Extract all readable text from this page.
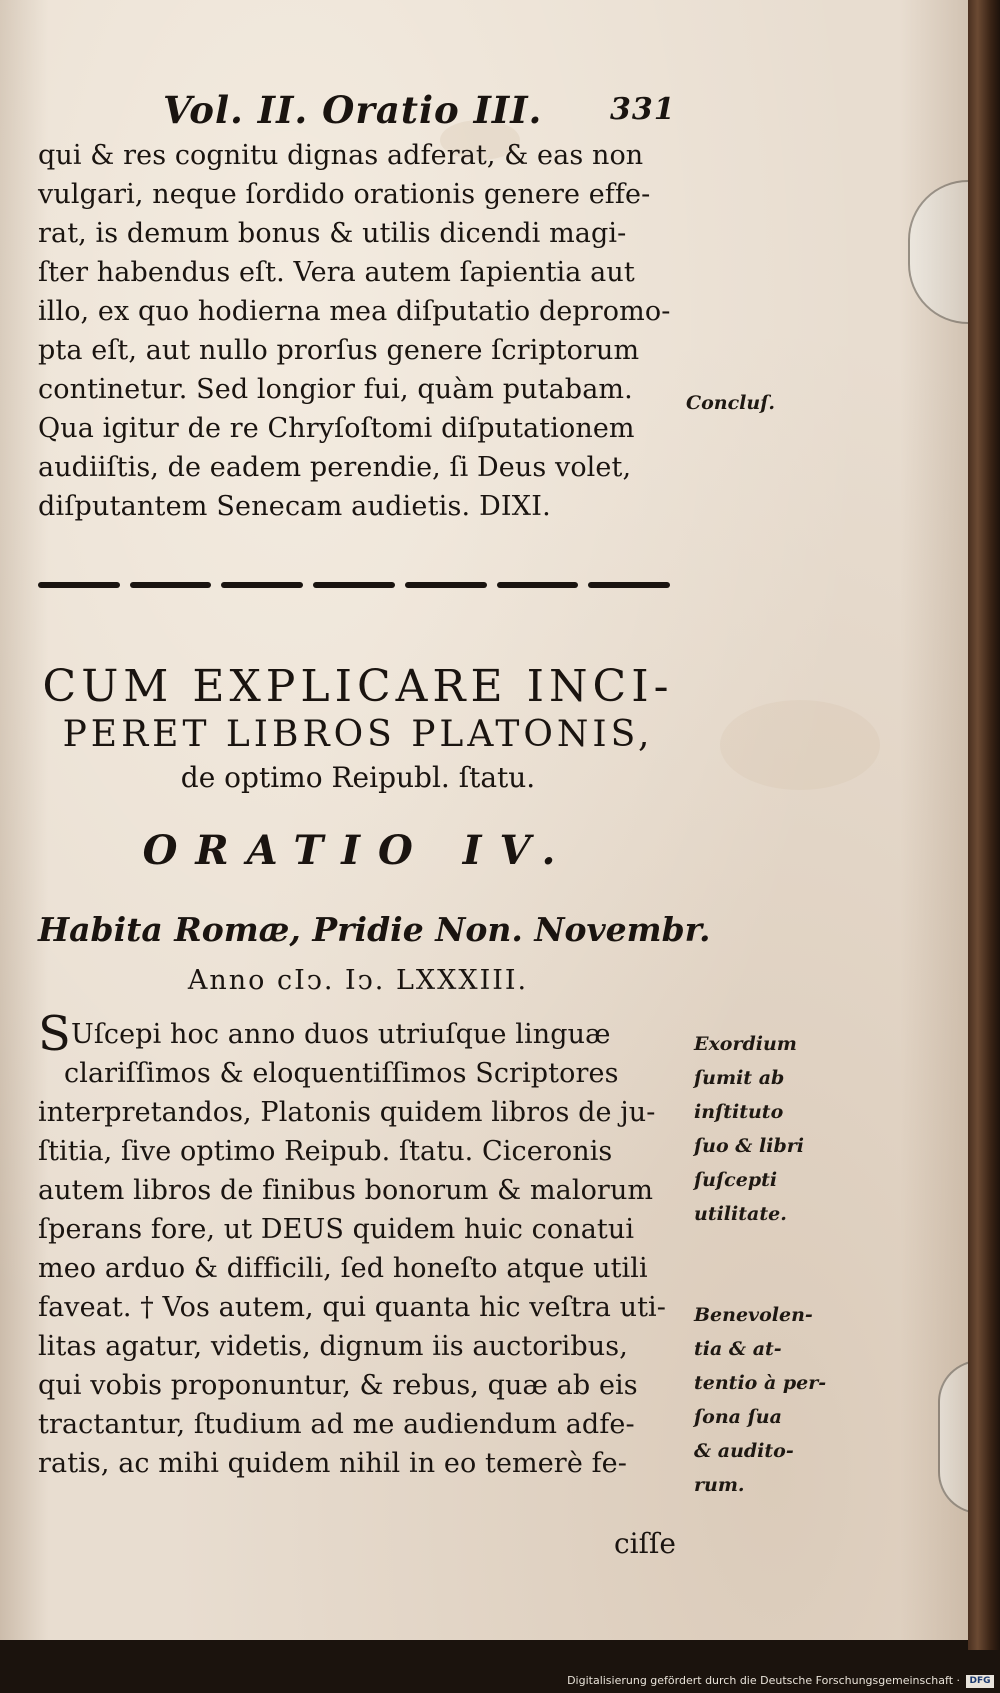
Vol. II. Oratio III. 331
qui & res cognitu dignas adferat, & eas non
vulgari, neque ſordido orationis genere effe-
rat, is demum bonus & utilis dicendi magi-
ſter habendus eſt. Vera autem ſapientia aut
illo, ex quo hodierna mea diſputatio depromo-
pta eſt, aut nullo prorſus genere ſcriptorum
continetur. Sed longior fui, quàm putabam.
Qua igitur de re Chryſoſtomi diſputationem
audiiſtis, de eadem perendie, ſi Deus volet,
diſputantem Senecam audietis. DIXI.
CUM EXPLICARE INCI-
PERET LIBROS PLATONIS,
de optimo Reipubl. ſtatu.
ORATIO IV.
Habita Romæ, Pridie Non. Novembr.
Anno cIↄ. Iↄ. LXXXIII.
SUſcepi hoc anno duos utriuſque linguæ
clariſſimos & eloquentiſſimos Scriptores
interpretandos, Platonis quidem libros de ju-
ſtitia, ſive optimo Reipub. ſtatu. Ciceronis
autem libros de finibus bonorum & malorum
ſperans fore, ut DEUS quidem huic conatui
meo arduo & difficili, ſed honeſto atque utili
faveat. † Vos autem, qui quanta hic veſtra uti-
litas agatur, videtis, dignum iis auctoribus,
qui vobis proponuntur, & rebus, quæ ab eis
tractantur, ſtudium ad me audiendum adfe-
ratis, ac mihi quidem nihil in eo temerè fe-
ciſſe
Concluſ.
Exordium
ſumit ab
inſtituto
ſuo & libri
ſuſcepti
utilitate.
Benevolen-
tia & at-
tentio à per-
ſona ſua
& audito-
rum.
Digitalisierung gefördert durch die Deutsche Forschungsgemeinschaft ·	DFG
